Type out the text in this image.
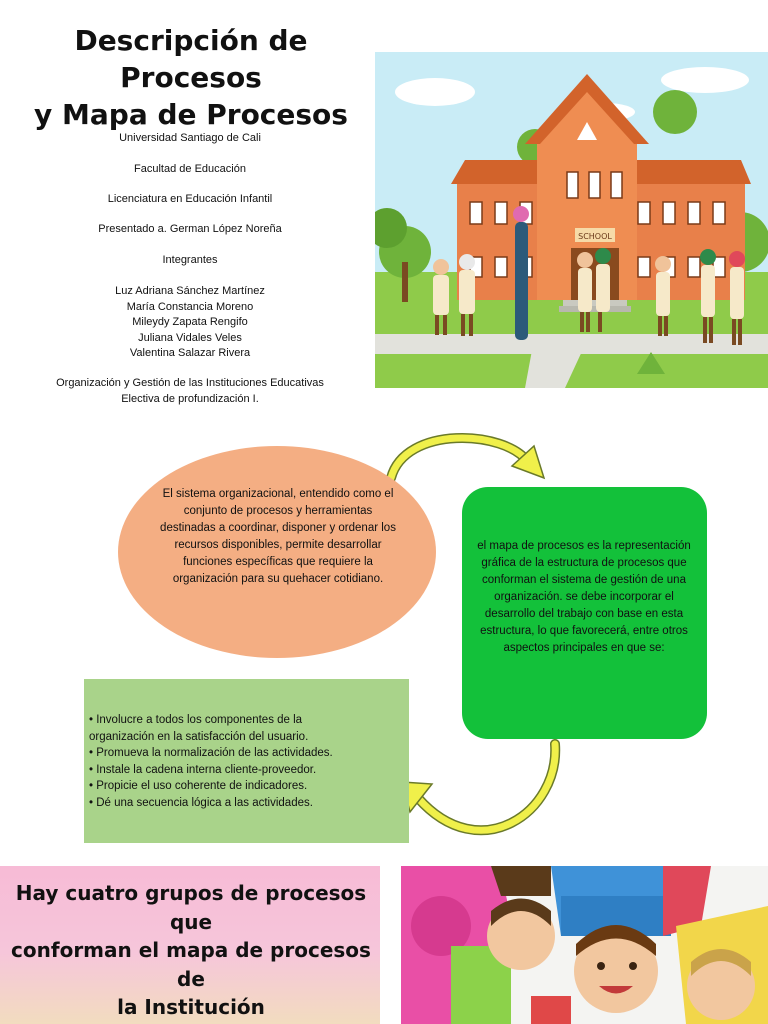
Descripción de Procesos
y Mapa de Procesos
Universidad Santiago de Cali
Facultad de Educación
Licenciatura en Educación Infantil
Presentado a. German López Noreña
Integrantes
Luz Adriana Sánchez Martínez
María Constancia Moreno
Mileydy Zapata Rengifo
Juliana Vidales Veles
Valentina Salazar Rivera
Organización y Gestión de las Instituciones Educativas
Electiva de profundización I.
SCHOOL
El sistema organizacional, entendido como el conjunto de procesos y herramientas destinadas a coordinar, disponer y ordenar los recursos disponibles, permite desarrollar funciones específicas que requiere la organización para su quehacer cotidiano.
el mapa de procesos es la representación gráfica de la estructura de procesos que conforman el sistema de gestión de una organización. se debe incorporar el desarrollo del trabajo con base en esta estructura, lo que favorecerá, entre otros aspectos principales en que se:
• Involucre a todos los componentes de la
organización en la satisfacción del usuario.
• Promueva la normalización de las actividades.
• Instale la cadena interna cliente-proveedor.
• Propicie el uso coherente de indicadores.
• Dé una secuencia lógica a las actividades.
Hay cuatro grupos de procesos que
conforman el mapa de procesos de
la Institución
